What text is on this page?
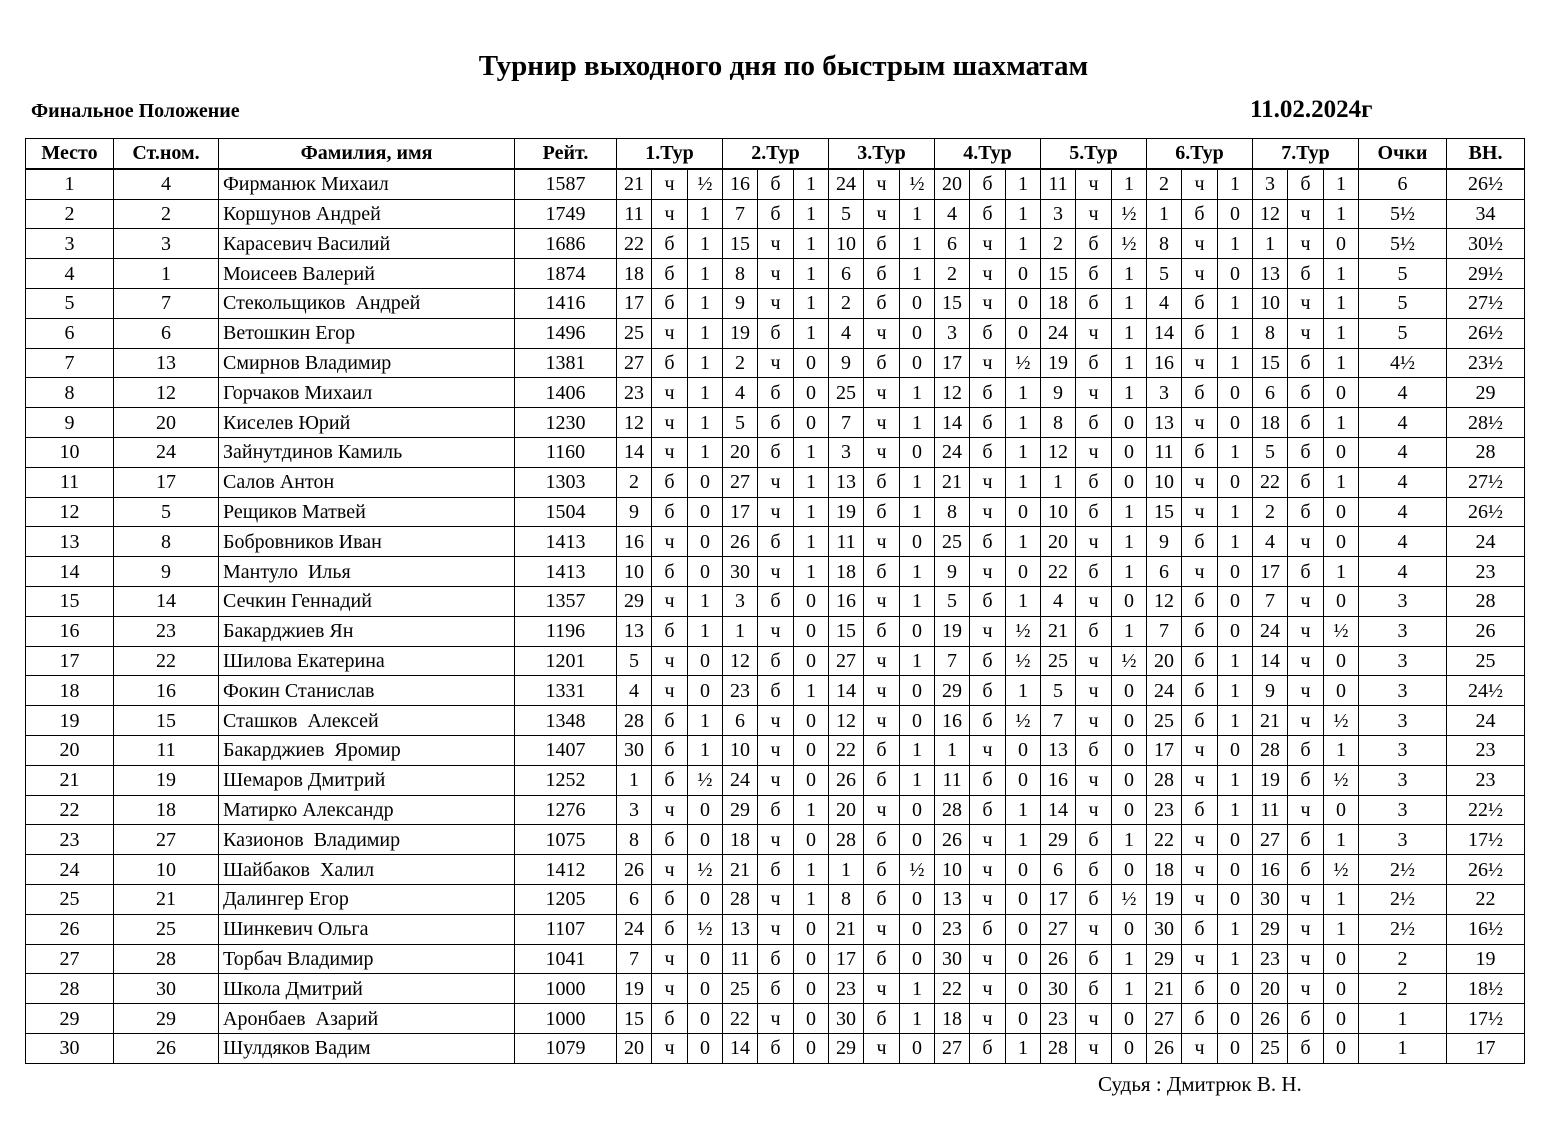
Турнир выходного дня по быстрым шахматам
Финальное Положение	11.02.2024г
Место	Ст.ном.	Фамилия, имя	Рейт.	1.Тур			2.Тур			3.Тур			4.Тур			5.Тур			6.Тур			7.Тур			Очки	ВН.
1	4	Фирманюк Михаил	1587	21	ч	½	16	б	1	24	ч	½	20	б	1	11	ч	1	2	ч	1	3	б	1	6	26½
2	2	Коршунов Андрей	1749	11	ч	1	7	б	1	5	ч	1	4	б	1	3	ч	½	1	б	0	12	ч	1	5½	34
3	3	Карасевич Василий	1686	22	б	1	15	ч	1	10	б	1	6	ч	1	2	б	½	8	ч	1	1	ч	0	5½	30½
4	1	Моисеев Валерий	1874	18	б	1	8	ч	1	6	б	1	2	ч	0	15	б	1	5	ч	0	13	б	1	5	29½
5	7	Стекольщиков  Андрей	1416	17	б	1	9	ч	1	2	б	0	15	ч	0	18	б	1	4	б	1	10	ч	1	5	27½
6	6	Ветошкин Егор	1496	25	ч	1	19	б	1	4	ч	0	3	б	0	24	ч	1	14	б	1	8	ч	1	5	26½
7	13	Смирнов Владимир	1381	27	б	1	2	ч	0	9	б	0	17	ч	½	19	б	1	16	ч	1	15	б	1	4½	23½
8	12	Горчаков Михаил	1406	23	ч	1	4	б	0	25	ч	1	12	б	1	9	ч	1	3	б	0	6	б	0	4	29
9	20	Киселев Юрий	1230	12	ч	1	5	б	0	7	ч	1	14	б	1	8	б	0	13	ч	0	18	б	1	4	28½
10	24	Зайнутдинов Камиль	1160	14	ч	1	20	б	1	3	ч	0	24	б	1	12	ч	0	11	б	1	5	б	0	4	28
11	17	Салов Антон	1303	2	б	0	27	ч	1	13	б	1	21	ч	1	1	б	0	10	ч	0	22	б	1	4	27½
12	5	Рещиков Матвей	1504	9	б	0	17	ч	1	19	б	1	8	ч	0	10	б	1	15	ч	1	2	б	0	4	26½
13	8	Бобровников Иван	1413	16	ч	0	26	б	1	11	ч	0	25	б	1	20	ч	1	9	б	1	4	ч	0	4	24
14	9	Мантуло  Илья	1413	10	б	0	30	ч	1	18	б	1	9	ч	0	22	б	1	6	ч	0	17	б	1	4	23
15	14	Сечкин Геннадий	1357	29	ч	1	3	б	0	16	ч	1	5	б	1	4	ч	0	12	б	0	7	ч	0	3	28
16	23	Бакарджиев Ян	1196	13	б	1	1	ч	0	15	б	0	19	ч	½	21	б	1	7	б	0	24	ч	½	3	26
17	22	Шилова Екатерина	1201	5	ч	0	12	б	0	27	ч	1	7	б	½	25	ч	½	20	б	1	14	ч	0	3	25
18	16	Фокин Станислав	1331	4	ч	0	23	б	1	14	ч	0	29	б	1	5	ч	0	24	б	1	9	ч	0	3	24½
19	15	Сташков  Алексей	1348	28	б	1	6	ч	0	12	ч	0	16	б	½	7	ч	0	25	б	1	21	ч	½	3	24
20	11	Бакарджиев  Яромир	1407	30	б	1	10	ч	0	22	б	1	1	ч	0	13	б	0	17	ч	0	28	б	1	3	23
21	19	Шемаров Дмитрий	1252	1	б	½	24	ч	0	26	б	1	11	б	0	16	ч	0	28	ч	1	19	б	½	3	23
22	18	Матирко Александр	1276	3	ч	0	29	б	1	20	ч	0	28	б	1	14	ч	0	23	б	1	11	ч	0	3	22½
23	27	Казионов  Владимир	1075	8	б	0	18	ч	0	28	б	0	26	ч	1	29	б	1	22	ч	0	27	б	1	3	17½
24	10	Шайбаков  Халил	1412	26	ч	½	21	б	1	1	б	½	10	ч	0	6	б	0	18	ч	0	16	б	½	2½	26½
25	21	Далингер Егор	1205	6	б	0	28	ч	1	8	б	0	13	ч	0	17	б	½	19	ч	0	30	ч	1	2½	22
26	25	Шинкевич Ольга	1107	24	б	½	13	ч	0	21	ч	0	23	б	0	27	ч	0	30	б	1	29	ч	1	2½	16½
27	28	Торбач Владимир	1041	7	ч	0	11	б	0	17	б	0	30	ч	0	26	б	1	29	ч	1	23	ч	0	2	19
28	30	Школа Дмитрий	1000	19	ч	0	25	б	0	23	ч	1	22	ч	0	30	б	1	21	б	0	20	ч	0	2	18½
29	29	Аронбаев  Азарий	1000	15	б	0	22	ч	0	30	б	1	18	ч	0	23	ч	0	27	б	0	26	б	0	1	17½
30	26	Шулдяков Вадим	1079	20	ч	0	14	б	0	29	ч	0	27	б	1	28	ч	0	26	ч	0	25	б	0	1	17
Судья : Дмитрюк В. Н.
